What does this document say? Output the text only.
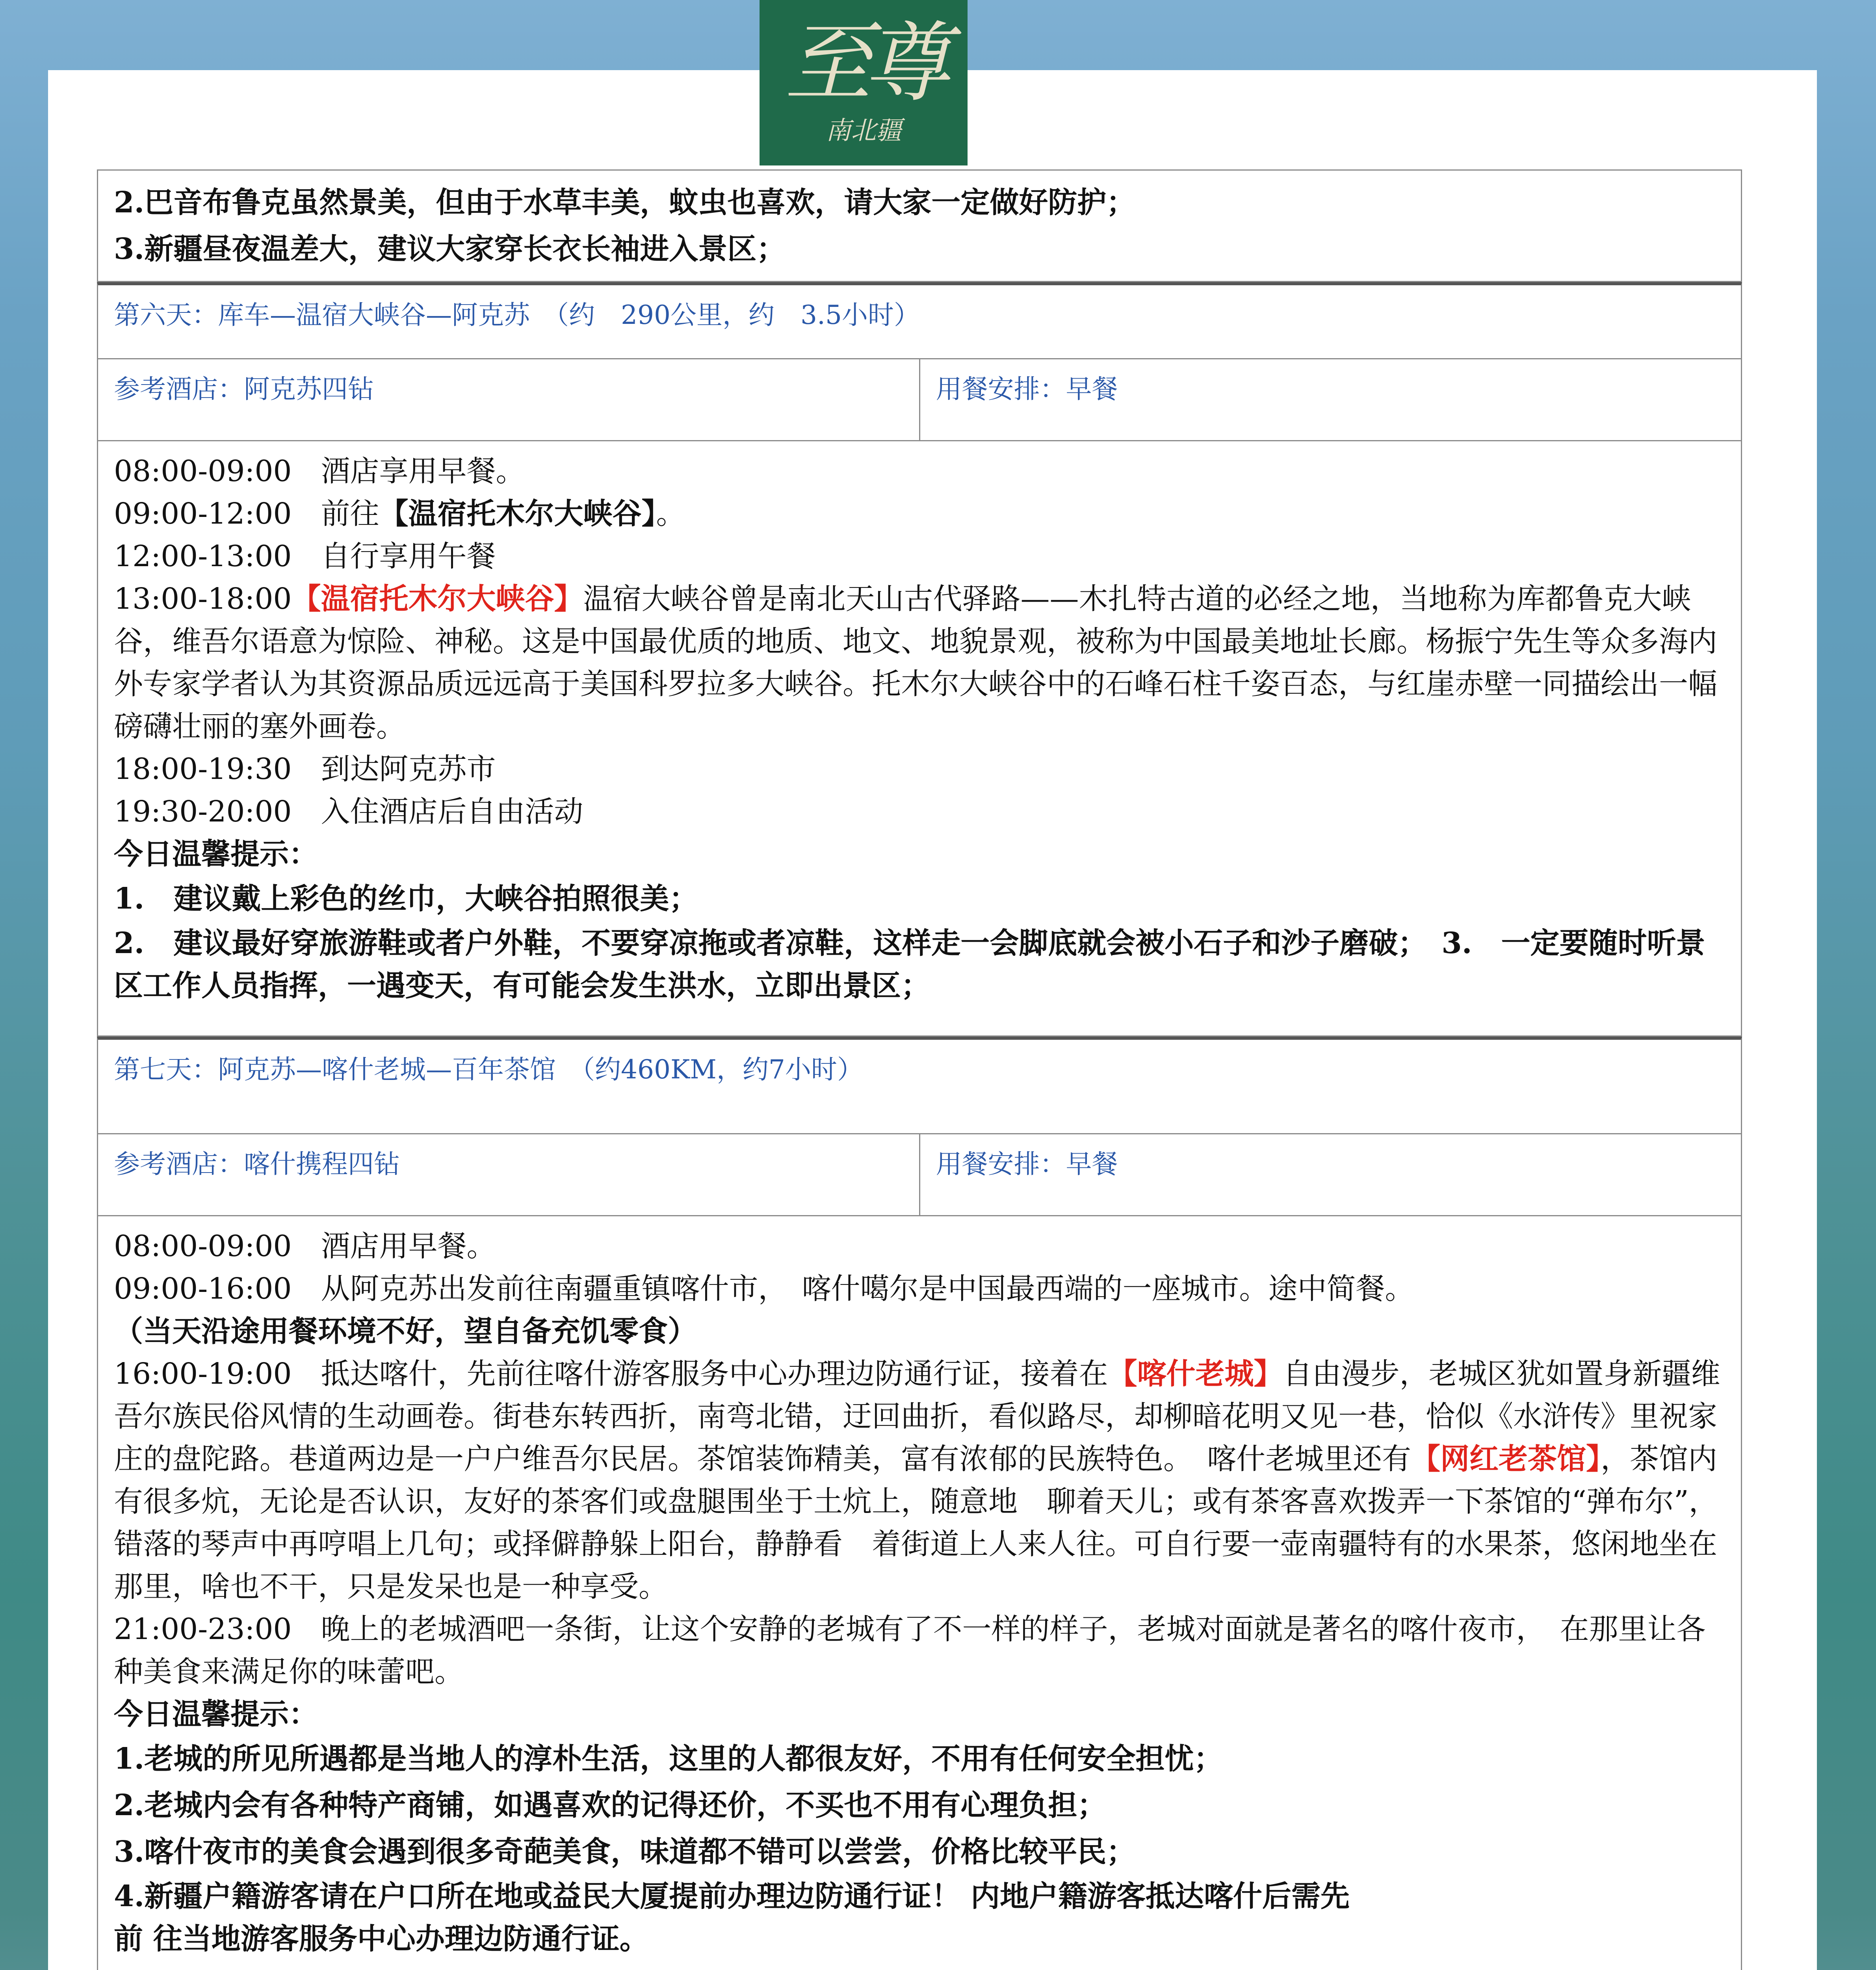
至尊
南北疆
2.巴音布鲁克虽然景美，但由于水草丰美，蚊虫也喜欢，请大家一定做好防护；
3.新疆昼夜温差大，建议大家穿长衣长袖进入景区；
第六天：库车—温宿大峡谷—阿克苏　（约　290公里，约　3.5小时）
参考酒店：阿克苏四钻	用餐安排：早餐
08:00-09:00　酒店享用早餐。
09:00-12:00　前往【温宿托木尔大峡谷】。
12:00-13:00　自行享用午餐
13:00-18:00【温宿托木尔大峡谷】温宿大峡谷曾是南北天山古代驿路——木扎特古道的必经之地，当地称为库都鲁克大峡谷，维吾尔语意为惊险、神秘。这是中国最优质的地质、地文、地貌景观，被称为中国最美地址长廊。杨振宁先生等众多海内外专家学者认为其资源品质远远高于美国科罗拉多大峡谷。托木尔大峡谷中的石峰石柱千姿百态，与红崖赤壁一同描绘出一幅磅礴壮丽的塞外画卷。
18:00-19:30　到达阿克苏市
19:30-20:00　入住酒店后自由活动
今日温馨提示：
1.　建议戴上彩色的丝巾，大峡谷拍照很美；
2.　建议最好穿旅游鞋或者户外鞋，不要穿凉拖或者凉鞋，这样走一会脚底就会被小石子和沙子磨破；　3.　一定要随时听景区工作人员指挥，一遇变天，有可能会发生洪水，立即出景区；
第七天：阿克苏—喀什老城—百年茶馆　（约460KM，约7小时）
参考酒店：喀什携程四钻	用餐安排：早餐
08:00-09:00　酒店用早餐。
09:00-16:00　从阿克苏出发前往南疆重镇喀什市，　喀什噶尔是中国最西端的一座城市。途中简餐。
（当天沿途用餐环境不好，望自备充饥零食）
16:00-19:00　抵达喀什，先前往喀什游客服务中心办理边防通行证，接着在【喀什老城】自由漫步，老城区犹如置身新疆维吾尔族民俗风情的生动画卷。街巷东转西折，南弯北错，迂回曲折，看似路尽，却柳暗花明又见一巷，恰似《水浒传》里祝家庄的盘陀路。巷道两边是一户户维吾尔民居。茶馆装饰精美，富有浓郁的民族特色。　喀什老城里还有【网红老茶馆】，茶馆内有很多炕，无论是否认识，友好的茶客们或盘腿围坐于土炕上，随意地　聊着天儿；或有茶客喜欢拨弄一下茶馆的“弹布尔”，错落的琴声中再哼唱上几句；或择僻静躲上阳台，静静看　着街道上人来人往。可自行要一壶南疆特有的水果茶，悠闲地坐在那里，啥也不干，只是发呆也是一种享受。
21:00-23:00　晚上的老城酒吧一条街，让这个安静的老城有了不一样的样子，老城对面就是著名的喀什夜市，　在那里让各种美食来满足你的味蕾吧。
今日温馨提示：
1.老城的所见所遇都是当地人的淳朴生活，这里的人都很友好，不用有任何安全担忧；
2.老城内会有各种特产商铺，如遇喜欢的记得还价，不买也不用有心理负担；
3.喀什夜市的美食会遇到很多奇葩美食，味道都不错可以尝尝，价格比较平民；
4.新疆户籍游客请在户口所在地或益民大厦提前办理边防通行证！ 内地户籍游客抵达喀什后需先
前 往当地游客服务中心办理边防通行证。
